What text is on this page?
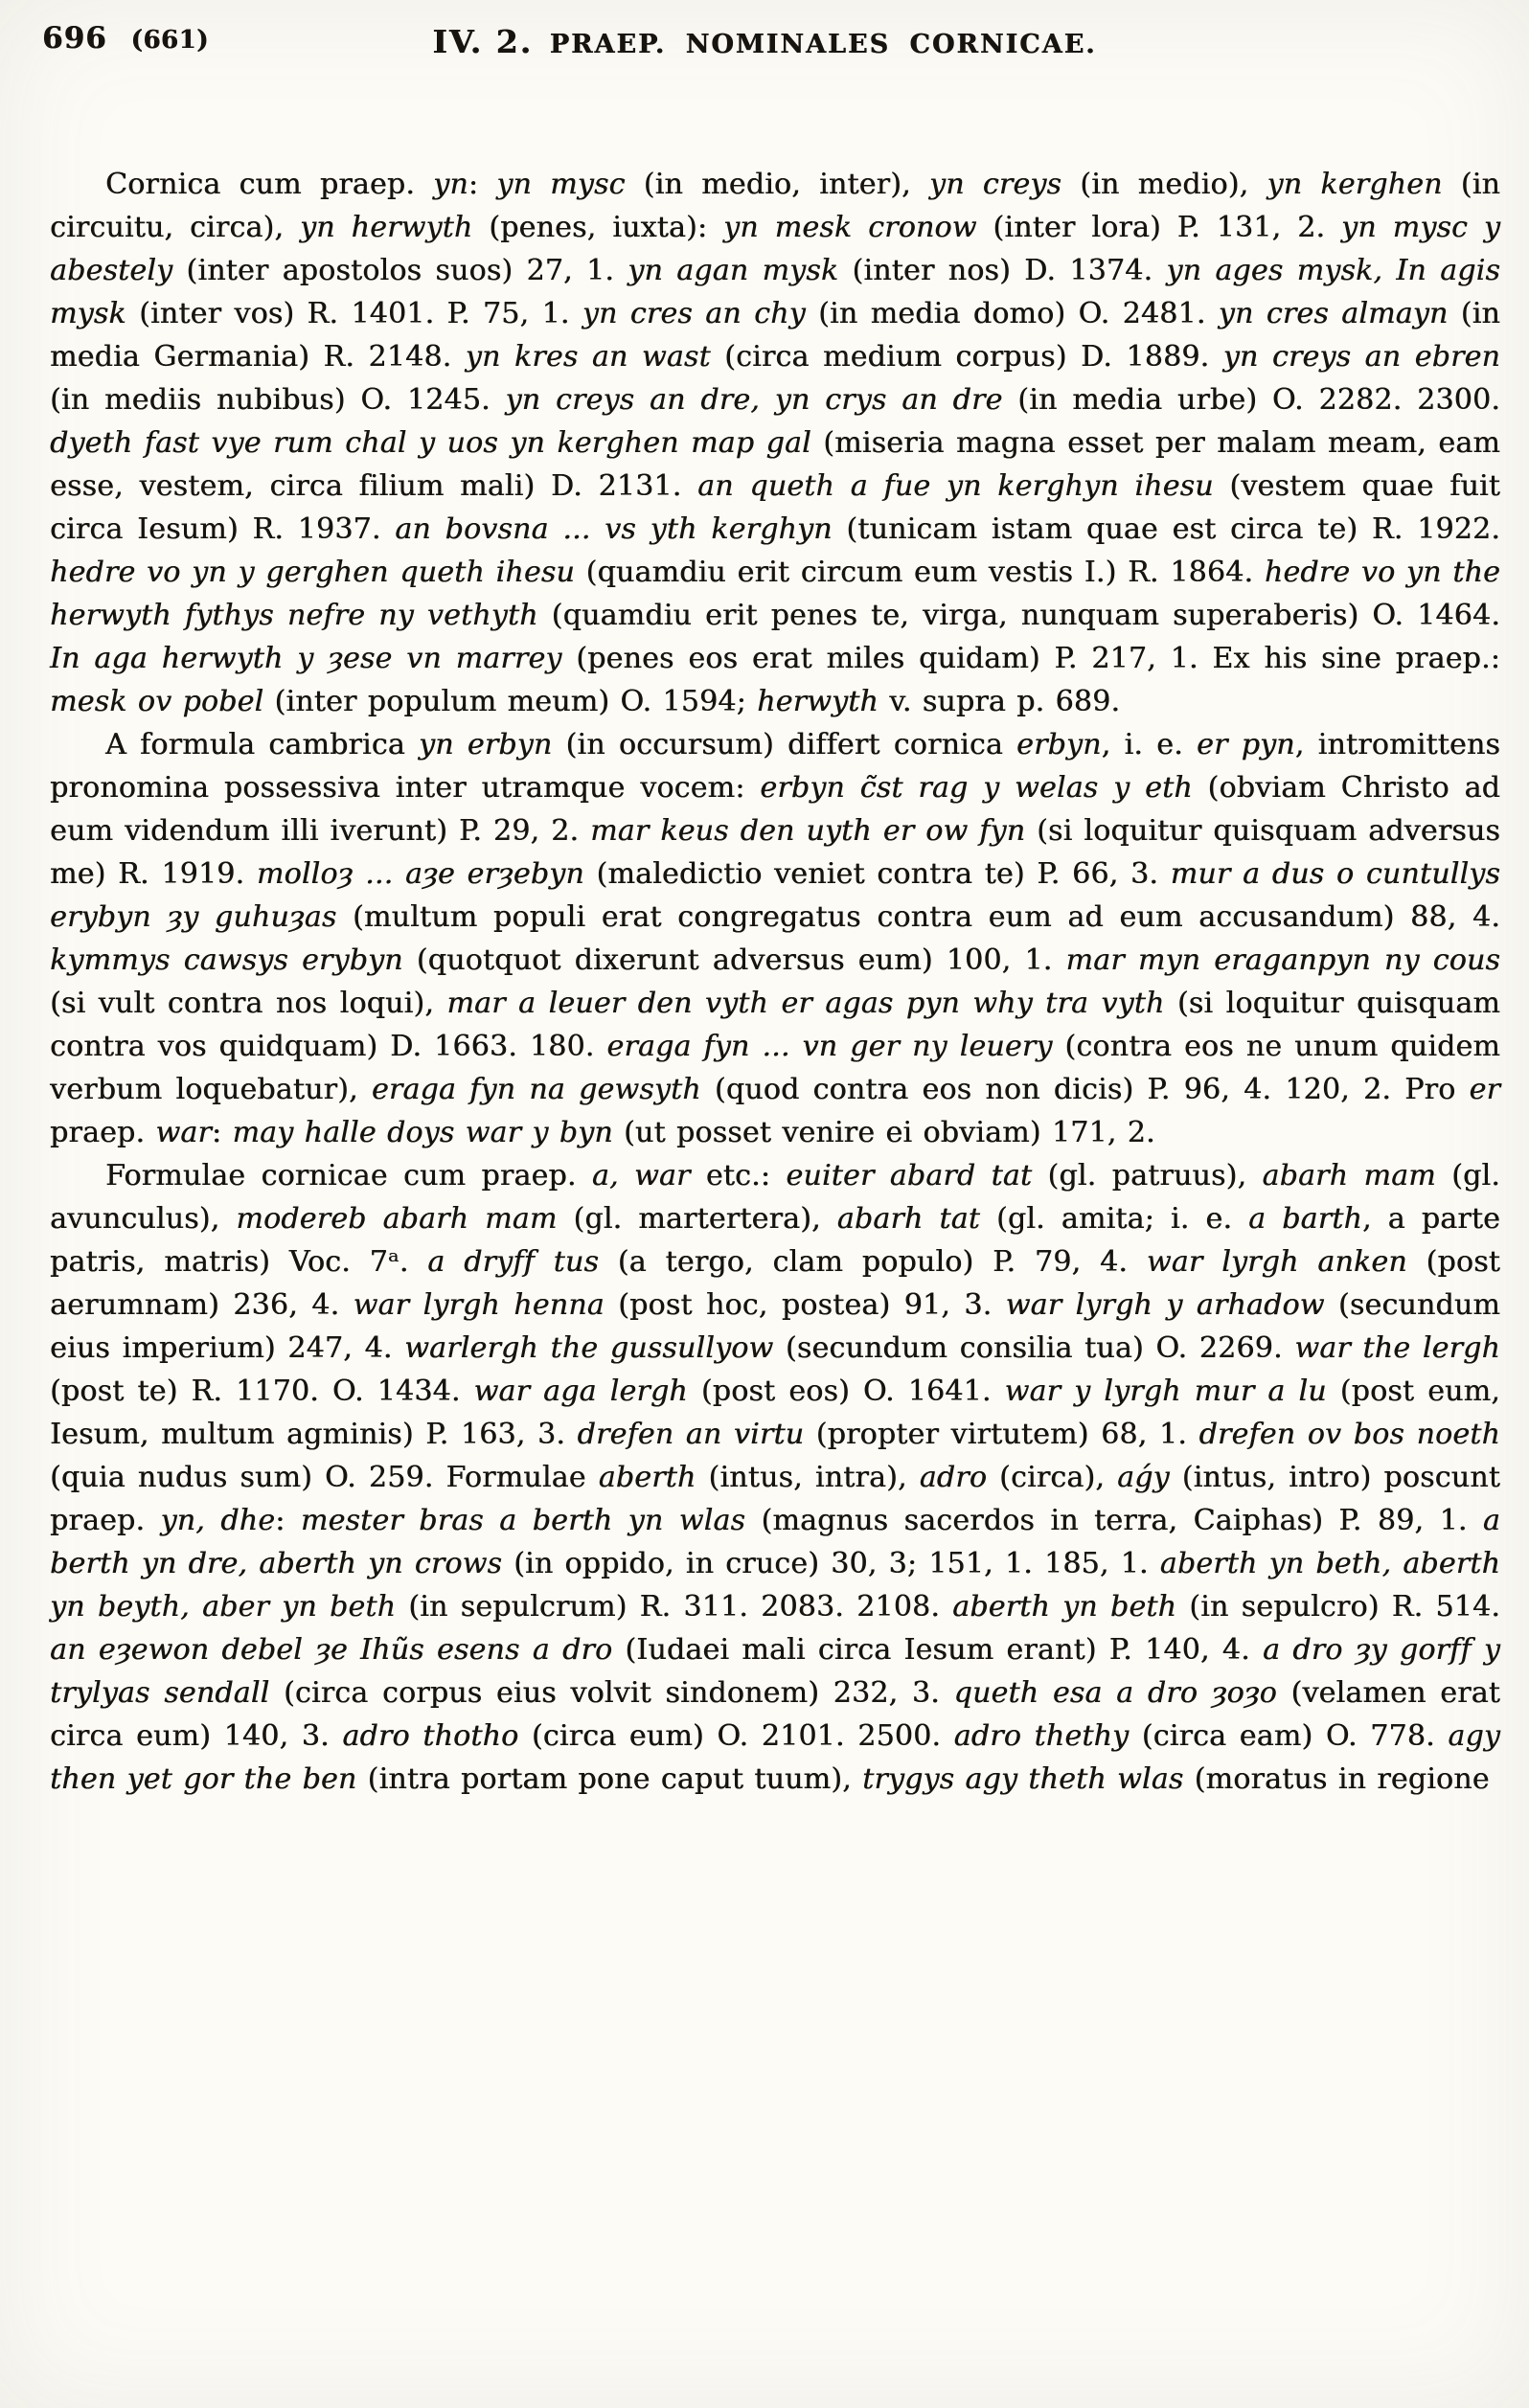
696 (661)	IV. 2. PRAEP. NOMINALES CORNICAE.

Cornica cum praep. yn: yn mysc (in medio, inter), yn creys (in medio), yn kerghen (in circuitu, circa), yn herwyth (penes, iuxta): yn mesk cronow (inter lora) P. 131, 2. yn mysc y abestely (inter apostolos suos) 27, 1. yn agan mysk (inter nos) D. 1374. yn ages mysk, In agis mysk (inter vos) R. 1401. P. 75, 1. yn cres an chy (in media domo) O. 2481. yn cres almayn (in media Germania) R. 2148. yn kres an wast (circa medium corpus) D. 1889. yn creys an ebren (in mediis nubibus) O. 1245. yn creys an dre, yn crys an dre (in media urbe) O. 2282. 2300. dyeth fast vye rum chal y uos yn kerghen map gal (miseria magna esset per malam meam, eam esse, vestem, circa filium mali) D. 2131. an queth a fue yn kerghyn ihesu (vestem quae fuit circa Iesum) R. 1937. an bovsna ... vs yth kerghyn (tunicam istam quae est circa te) R. 1922. hedre vo yn y gerghen queth ihesu (quamdiu erit circum eum vestis I.) R. 1864. hedre vo yn the herwyth fythys nefre ny vethyth (quamdiu erit penes te, virga, nunquam superaberis) O. 1464. In aga herwyth y ȝese vn marrey (penes eos erat miles quidam) P. 217, 1. Ex his sine praep.: mesk ov pobel (inter populum meum) O. 1594; herwyth v. supra p. 689.

A formula cambrica yn erbyn (in occursum) differt cornica erbyn, i. e. er pyn, intromittens pronomina possessiva inter utramque vocem: erbyn c̃st rag y welas y eth (obviam Christo ad eum videndum illi iverunt) P. 29, 2. mar keus den uyth er ow fyn (si loquitur quisquam adversus me) R. 1919. molloȝ ... aȝe erȝebyn (maledictio veniet contra te) P. 66, 3. mur a dus o cuntullys erybyn ȝy guhuȝas (multum populi erat congregatus contra eum ad eum accusandum) 88, 4. kymmys cawsys erybyn (quotquot dixerunt adversus eum) 100, 1. mar myn eraganpyn ny cous (si vult contra nos loqui), mar a leuer den vyth er agas pyn why tra vyth (si loquitur quisquam contra vos quidquam) D. 1663. 180. eraga fyn ... vn ger ny leuery (contra eos ne unum quidem verbum loquebatur), eraga fyn na gewsyth (quod contra eos non dicis) P. 96, 4. 120, 2. Pro er praep. war: may halle doys war y byn (ut posset venire ei obviam) 171, 2.

Formulae cornicae cum praep. a, war etc.: euiter abard tat (gl. patruus), abarh mam (gl. avunculus), modereb abarh mam (gl. martertera), abarh tat (gl. amita; i. e. a barth, a parte patris, matris) Voc. 7ᵃ. a dryff tus (a tergo, clam populo) P. 79, 4. war lyrgh anken (post aerumnam) 236, 4. war lyrgh henna (post hoc, postea) 91, 3. war lyrgh y arhadow (secundum eius imperium) 247, 4. warlergh the gussullyow (secundum consilia tua) O. 2269. war the lergh (post te) R. 1170. O. 1434. war aga lergh (post eos) O. 1641. war y lyrgh mur a lu (post eum, Iesum, multum agminis) P. 163, 3. drefen an virtu (propter virtutem) 68, 1. drefen ov bos noeth (quia nudus sum) O. 259. Formulae aberth (intus, intra), adro (circa), aǵy (intus, intro) poscunt praep. yn, dhe: mester bras a berth yn wlas (magnus sacerdos in terra, Caiphas) P. 89, 1. a berth yn dre, aberth yn crows (in oppido, in cruce) 30, 3; 151, 1. 185, 1. aberth yn beth, aberth yn beyth, aber yn beth (in sepulcrum) R. 311. 2083. 2108. aberth yn beth (in sepulcro) R. 514. an eȝewon debel ȝe Ihũs esens a dro (Iudaei mali circa Iesum erant) P. 140, 4. a dro ȝy gorff y trylyas sendall (circa corpus eius volvit sindonem) 232, 3. queth esa a dro ȝoȝo (velamen erat circa eum) 140, 3. adro thotho (circa eum) O. 2101. 2500. adro thethy (circa eam) O. 778. agy then yet gor the ben (intra portam pone caput tuum), trygys agy theth wlas (moratus in regione
